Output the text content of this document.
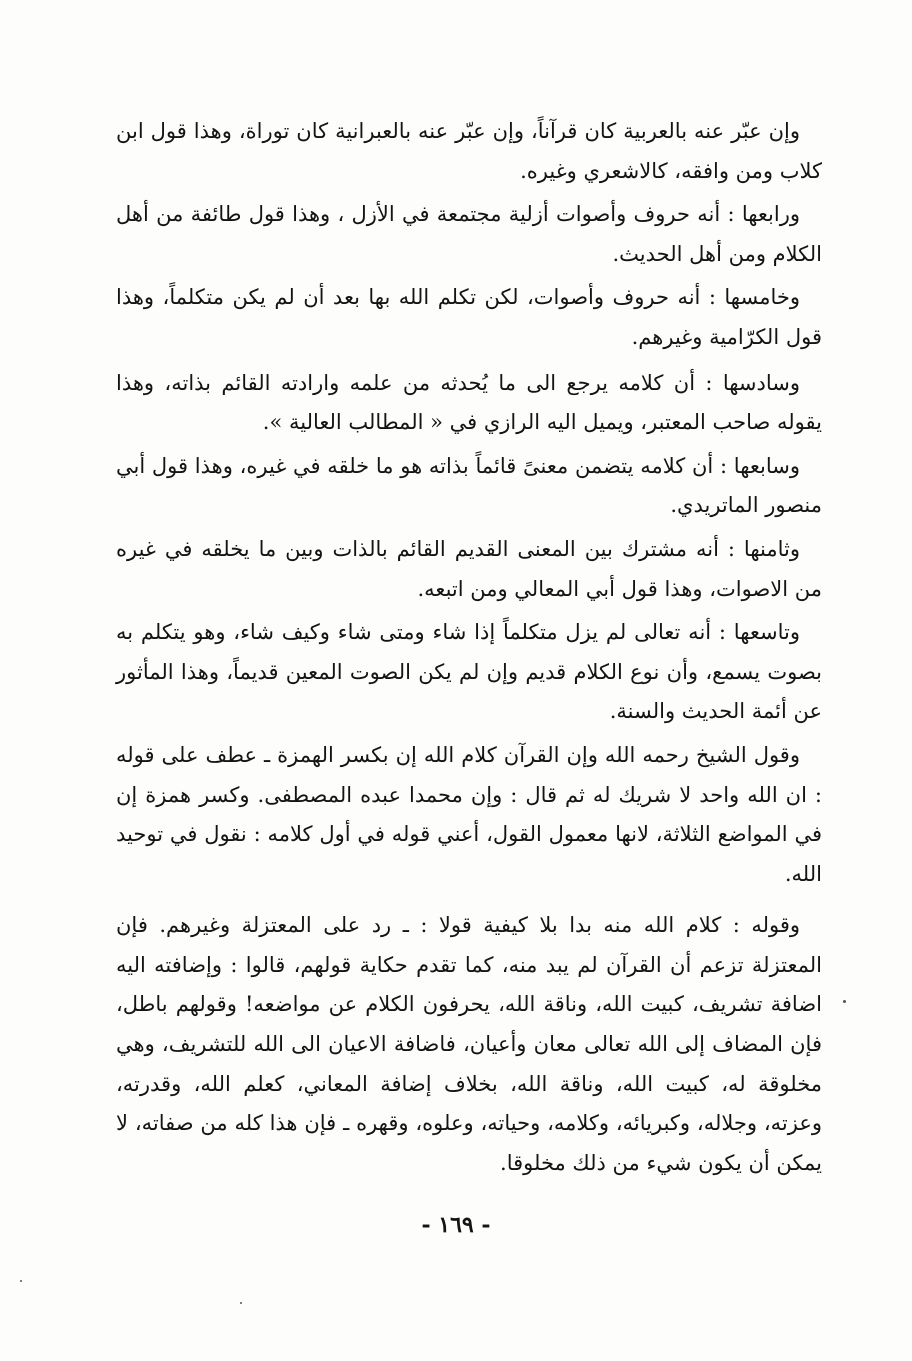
وإن عبّر عنه بالعربية كان قرآناً، وإن عبّر عنه بالعبرانية كان توراة، وهذا قول ابن كلاب ومن وافقه، كالاشعري وغيره.

ورابعها : أنه حروف وأصوات أزلية مجتمعة في الأزل ، وهذا قول طائفة من أهل الكلام ومن أهل الحديث.

وخامسها : أنه حروف وأصوات، لكن تكلم الله بها بعد أن لم يكن متكلماً، وهذا قول الكرّامية وغيرهم.

وسادسها : أن كلامه يرجع الى ما يُحدثه من علمه وارادته القائم بذاته، وهذا يقوله صاحب المعتبر، ويميل اليه الرازي في « المطالب العالية ».

وسابعها : أن كلامه يتضمن معنىً قائماً بذاته هو ما خلقه في غيره، وهذا قول أبي منصور الماتريدي.

وثامنها : أنه مشترك بين المعنى القديم القائم بالذات وبين ما يخلقه في غيره من الاصوات، وهذا قول أبي المعالي ومن اتبعه.

وتاسعها : أنه تعالى لم يزل متكلماً إذا شاء ومتى شاء وكيف شاء، وهو يتكلم به بصوت يسمع، وأن نوع الكلام قديم وإن لم يكن الصوت المعين قديماً، وهذا المأثور عن أئمة الحديث والسنة.

وقول الشيخ رحمه الله وإن القرآن كلام الله إن بكسر الهمزة ـ عطف على قوله : ان الله واحد لا شريك له ثم قال : وإن محمدا عبده المصطفى. وكسر همزة إن في المواضع الثلاثة، لانها معمول القول، أعني قوله في أول كلامه : نقول في توحيد الله.

وقوله : كلام الله منه بدا بلا كيفية قولا : ـ رد على المعتزلة وغيرهم. فإن المعتزلة تزعم أن القرآن لم يبد منه، كما تقدم حكاية قولهم، قالوا : وإضافته اليه اضافة تشريف، كبيت الله، وناقة الله، يحرفون الكلام عن مواضعه! وقولهم باطل، فإن المضاف إلى الله تعالى معان وأعيان، فاضافة الاعيان الى الله للتشريف، وهي مخلوقة له، كبيت الله، وناقة الله، بخلاف إضافة المعاني، كعلم الله، وقدرته، وعزته، وجلاله، وكبريائه، وكلامه، وحياته، وعلوه، وقهره ـ فإن هذا كله من صفاته، لا يمكن أن يكون شيء من ذلك مخلوقا.

- ١٦٩ -
